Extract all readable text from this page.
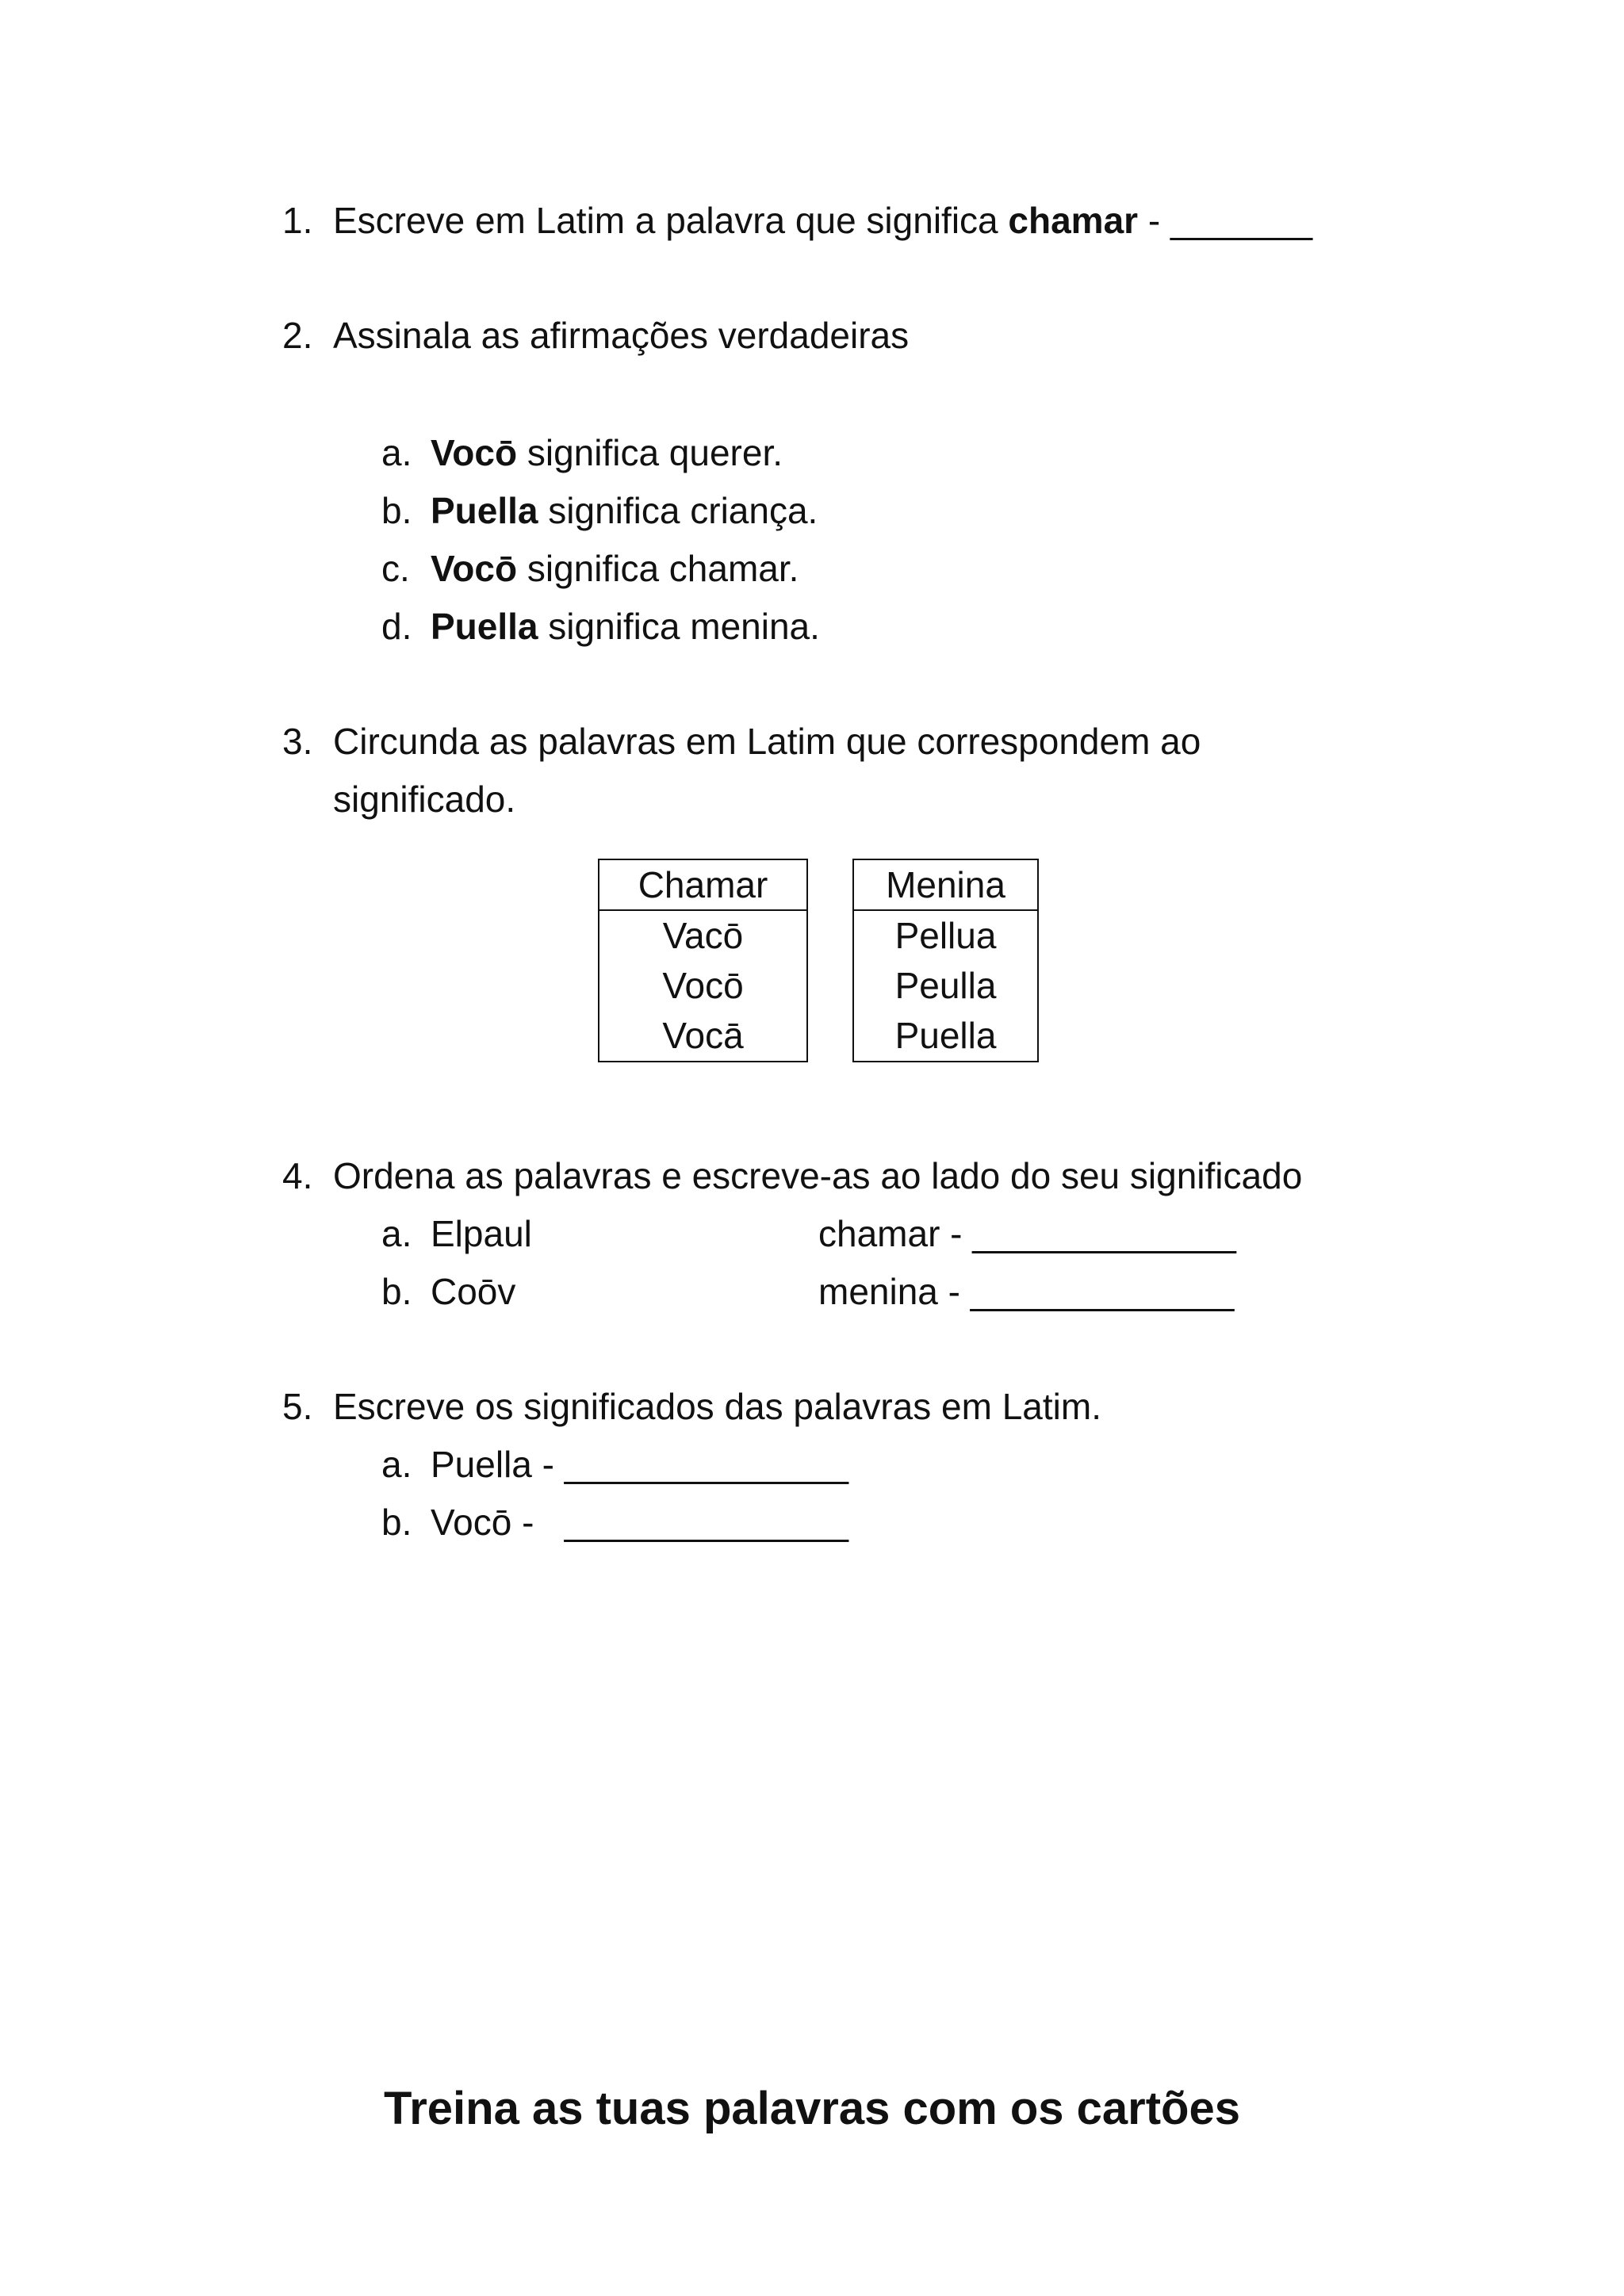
1. Escreve em Latim a palavra que significa chamar - _______
2. Assinala as afirmações verdadeiras
a. Vocō significa querer.
b. Puella significa criança.
c. Vocō significa chamar.
d. Puella significa menina.
3. Circunda as palavras em Latim que correspondem ao
significado.
Chamar
Vacō
Vocō
Vocā
Menina
Pellua
Peulla
Puella
4. Ordena as palavras e escreve-as ao lado do seu significado
a. Elpaul	chamar - _____________
b. Coōv	menina - _____________
5. Escreve os significados das palavras em Latim.
a. Puella - ______________
b. Vocō -   ______________
Treina as tuas palavras com os cartões
